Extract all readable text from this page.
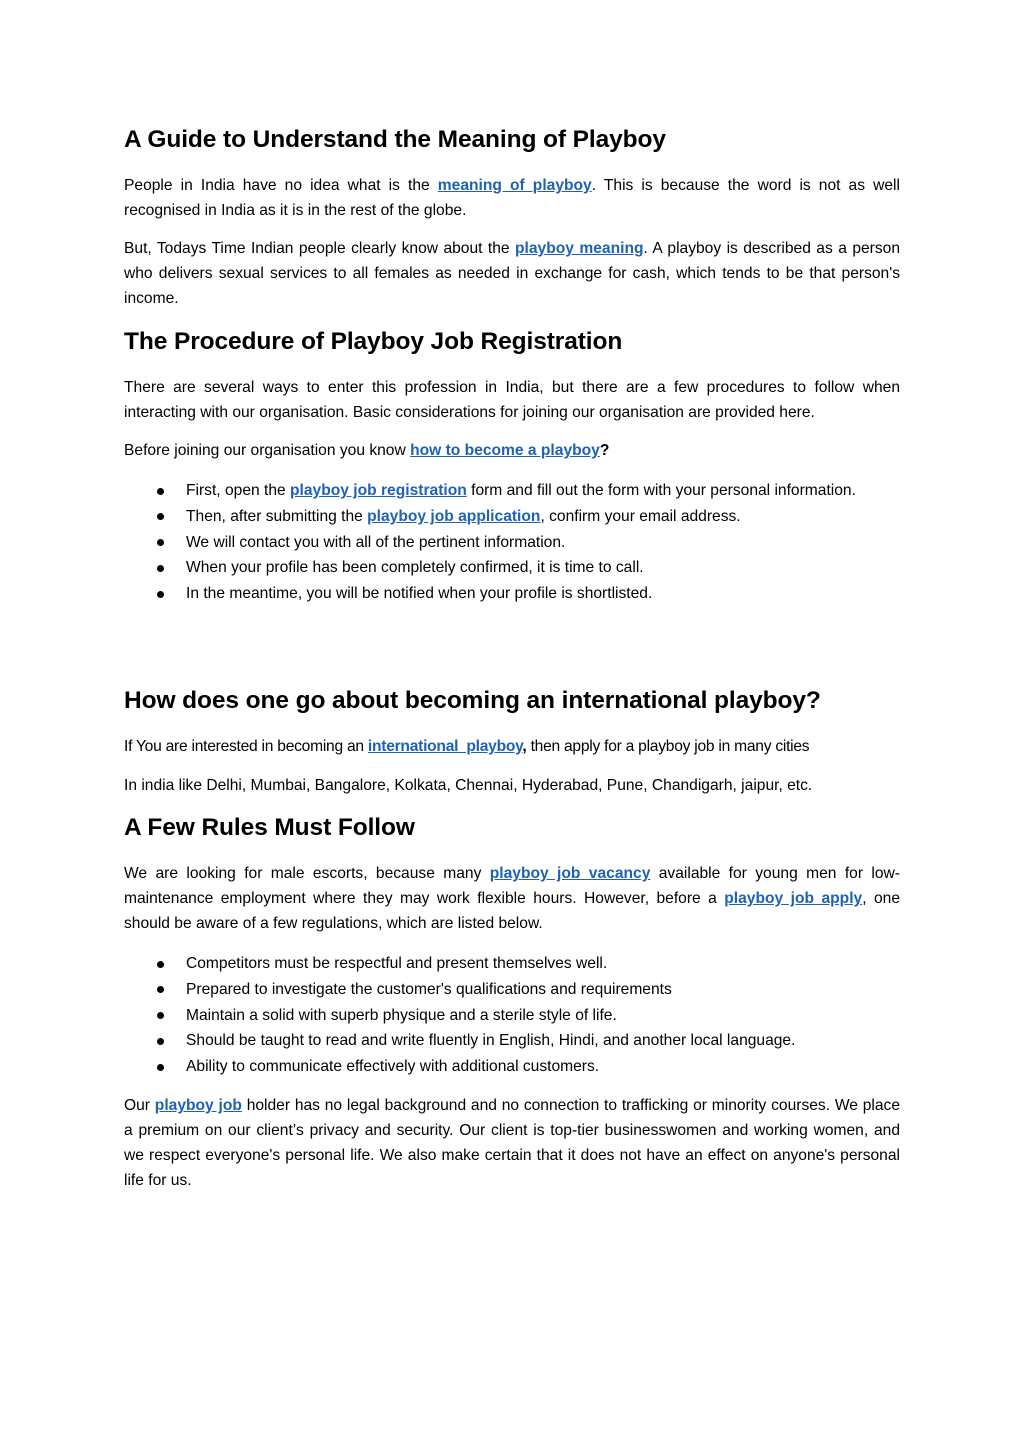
A Guide to Understand the Meaning of Playboy

People in India have no idea what is the meaning of playboy. This is because the word is not as well recognised in India as it is in the rest of the globe.

But, Todays Time Indian people clearly know about the playboy meaning. A playboy is described as a person who delivers sexual services to all females as needed in exchange for cash, which tends to be that person's income.

The Procedure of Playboy Job Registration

There are several ways to enter this profession in India, but there are a few procedures to follow when interacting with our organisation. Basic considerations for joining our organisation are provided here.

Before joining our organisation you know how to become a playboy?

First, open the playboy job registration form and fill out the form with your personal information.
Then, after submitting the playboy job application, confirm your email address.
We will contact you with all of the pertinent information.
When your profile has been completely confirmed, it is time to call.
In the meantime, you will be notified when your profile is shortlisted.
How does one go about becoming an international playboy?

If You are interested in becoming an international  playboy, then apply for a playboy job in many cities

In india like Delhi, Mumbai, Bangalore, Kolkata, Chennai, Hyderabad, Pune, Chandigarh, jaipur, etc.

A Few Rules Must Follow

We are looking for male escorts, because many playboy job vacancy available for young men for low-maintenance employment where they may work flexible hours. However, before a playboy job apply, one should be aware of a few regulations, which are listed below.

Competitors must be respectful and present themselves well.
Prepared to investigate the customer's qualifications and requirements
Maintain a solid with superb physique and a sterile style of life.
Should be taught to read and write fluently in English, Hindi, and another local language.
Ability to communicate effectively with additional customers.

Our playboy job holder has no legal background and no connection to trafficking or minority courses. We place a premium on our client’s privacy and security. Our client is top-tier businesswomen and working women, and we respect everyone's personal life. We also make certain that it does not have an effect on anyone's personal life for us.
